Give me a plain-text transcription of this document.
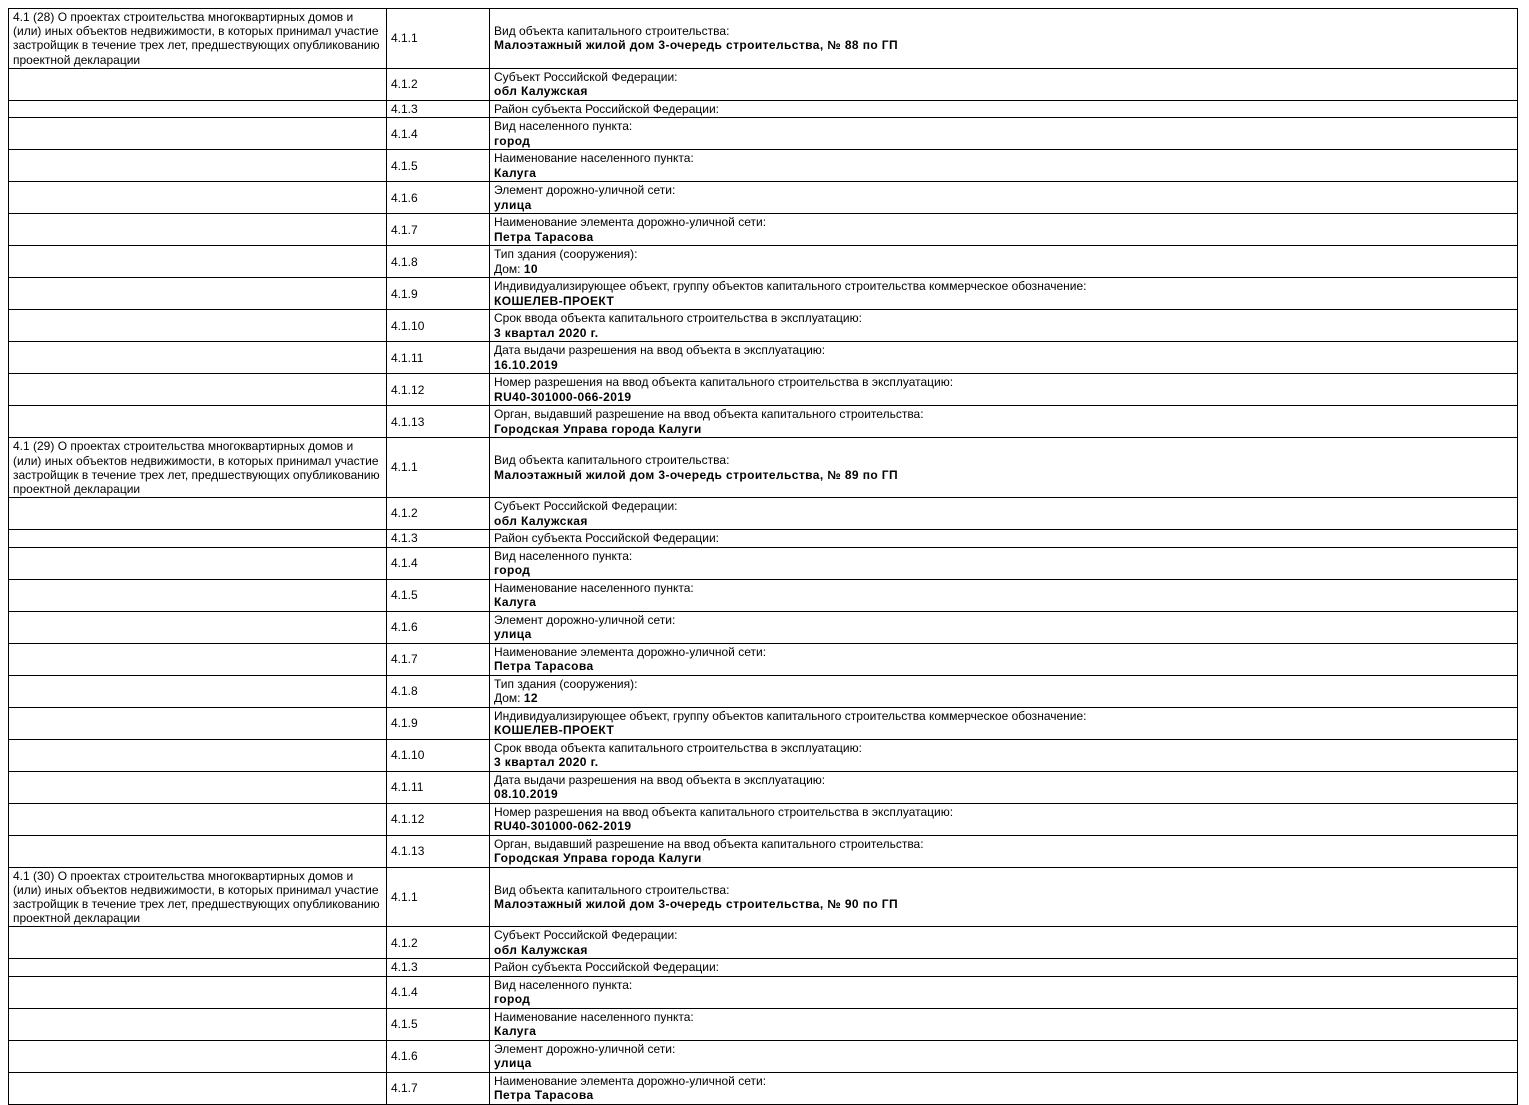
4.1 (28) О проектах строительства многоквартирных домов и (или) иных объектов недвижимости, в которых принимал участие застройщик в течение трех лет, предшествующих опубликованию проектной декларации	4.1.1	Вид объекта капитального строительства:
Малоэтажный жилой дом 3-очередь строительства, № 88 по ГП

	4.1.2	Субъект Российской Федерации:
обл Калужская

	4.1.3	Район субъекта Российской Федерации:

	4.1.4	Вид населенного пункта:
город

	4.1.5	Наименование населенного пункта:
Калуга

	4.1.6	Элемент дорожно-уличной сети:
улица

	4.1.7	Наименование элемента дорожно-уличной сети:
Петра Тарасова

	4.1.8	Тип здания (сооружения):
Дом: 10

	4.1.9	Индивидуализирующее объект, группу объектов капитального строительства коммерческое обозначение:
КОШЕЛЕВ-ПРОЕКТ

	4.1.10	Срок ввода объекта капитального строительства в эксплуатацию:
3 квартал 2020 г.

	4.1.11	Дата выдачи разрешения на ввод объекта в эксплуатацию:
16.10.2019

	4.1.12	Номер разрешения на ввод объекта капитального строительства в эксплуатацию:
RU40-301000-066-2019

	4.1.13	Орган, выдавший разрешение на ввод объекта капитального строительства:
Городская Управа города Калуги

4.1 (29) О проектах строительства многоквартирных домов и (или) иных объектов недвижимости, в которых принимал участие застройщик в течение трех лет, предшествующих опубликованию проектной декларации	4.1.1	Вид объекта капитального строительства:
Малоэтажный жилой дом 3-очередь строительства, № 89 по ГП

	4.1.2	Субъект Российской Федерации:
обл Калужская

	4.1.3	Район субъекта Российской Федерации:

	4.1.4	Вид населенного пункта:
город

	4.1.5	Наименование населенного пункта:
Калуга

	4.1.6	Элемент дорожно-уличной сети:
улица

	4.1.7	Наименование элемента дорожно-уличной сети:
Петра Тарасова

	4.1.8	Тип здания (сооружения):
Дом: 12

	4.1.9	Индивидуализирующее объект, группу объектов капитального строительства коммерческое обозначение:
КОШЕЛЕВ-ПРОЕКТ

	4.1.10	Срок ввода объекта капитального строительства в эксплуатацию:
3 квартал 2020 г.

	4.1.11	Дата выдачи разрешения на ввод объекта в эксплуатацию:
08.10.2019

	4.1.12	Номер разрешения на ввод объекта капитального строительства в эксплуатацию:
RU40-301000-062-2019

	4.1.13	Орган, выдавший разрешение на ввод объекта капитального строительства:
Городская Управа города Калуги

4.1 (30) О проектах строительства многоквартирных домов и (или) иных объектов недвижимости, в которых принимал участие застройщик в течение трех лет, предшествующих опубликованию проектной декларации	4.1.1	Вид объекта капитального строительства:
Малоэтажный жилой дом 3-очередь строительства, № 90 по ГП

	4.1.2	Субъект Российской Федерации:
обл Калужская

	4.1.3	Район субъекта Российской Федерации:

	4.1.4	Вид населенного пункта:
город

	4.1.5	Наименование населенного пункта:
Калуга

	4.1.6	Элемент дорожно-уличной сети:
улица

	4.1.7	Наименование элемента дорожно-уличной сети:
Петра Тарасова
